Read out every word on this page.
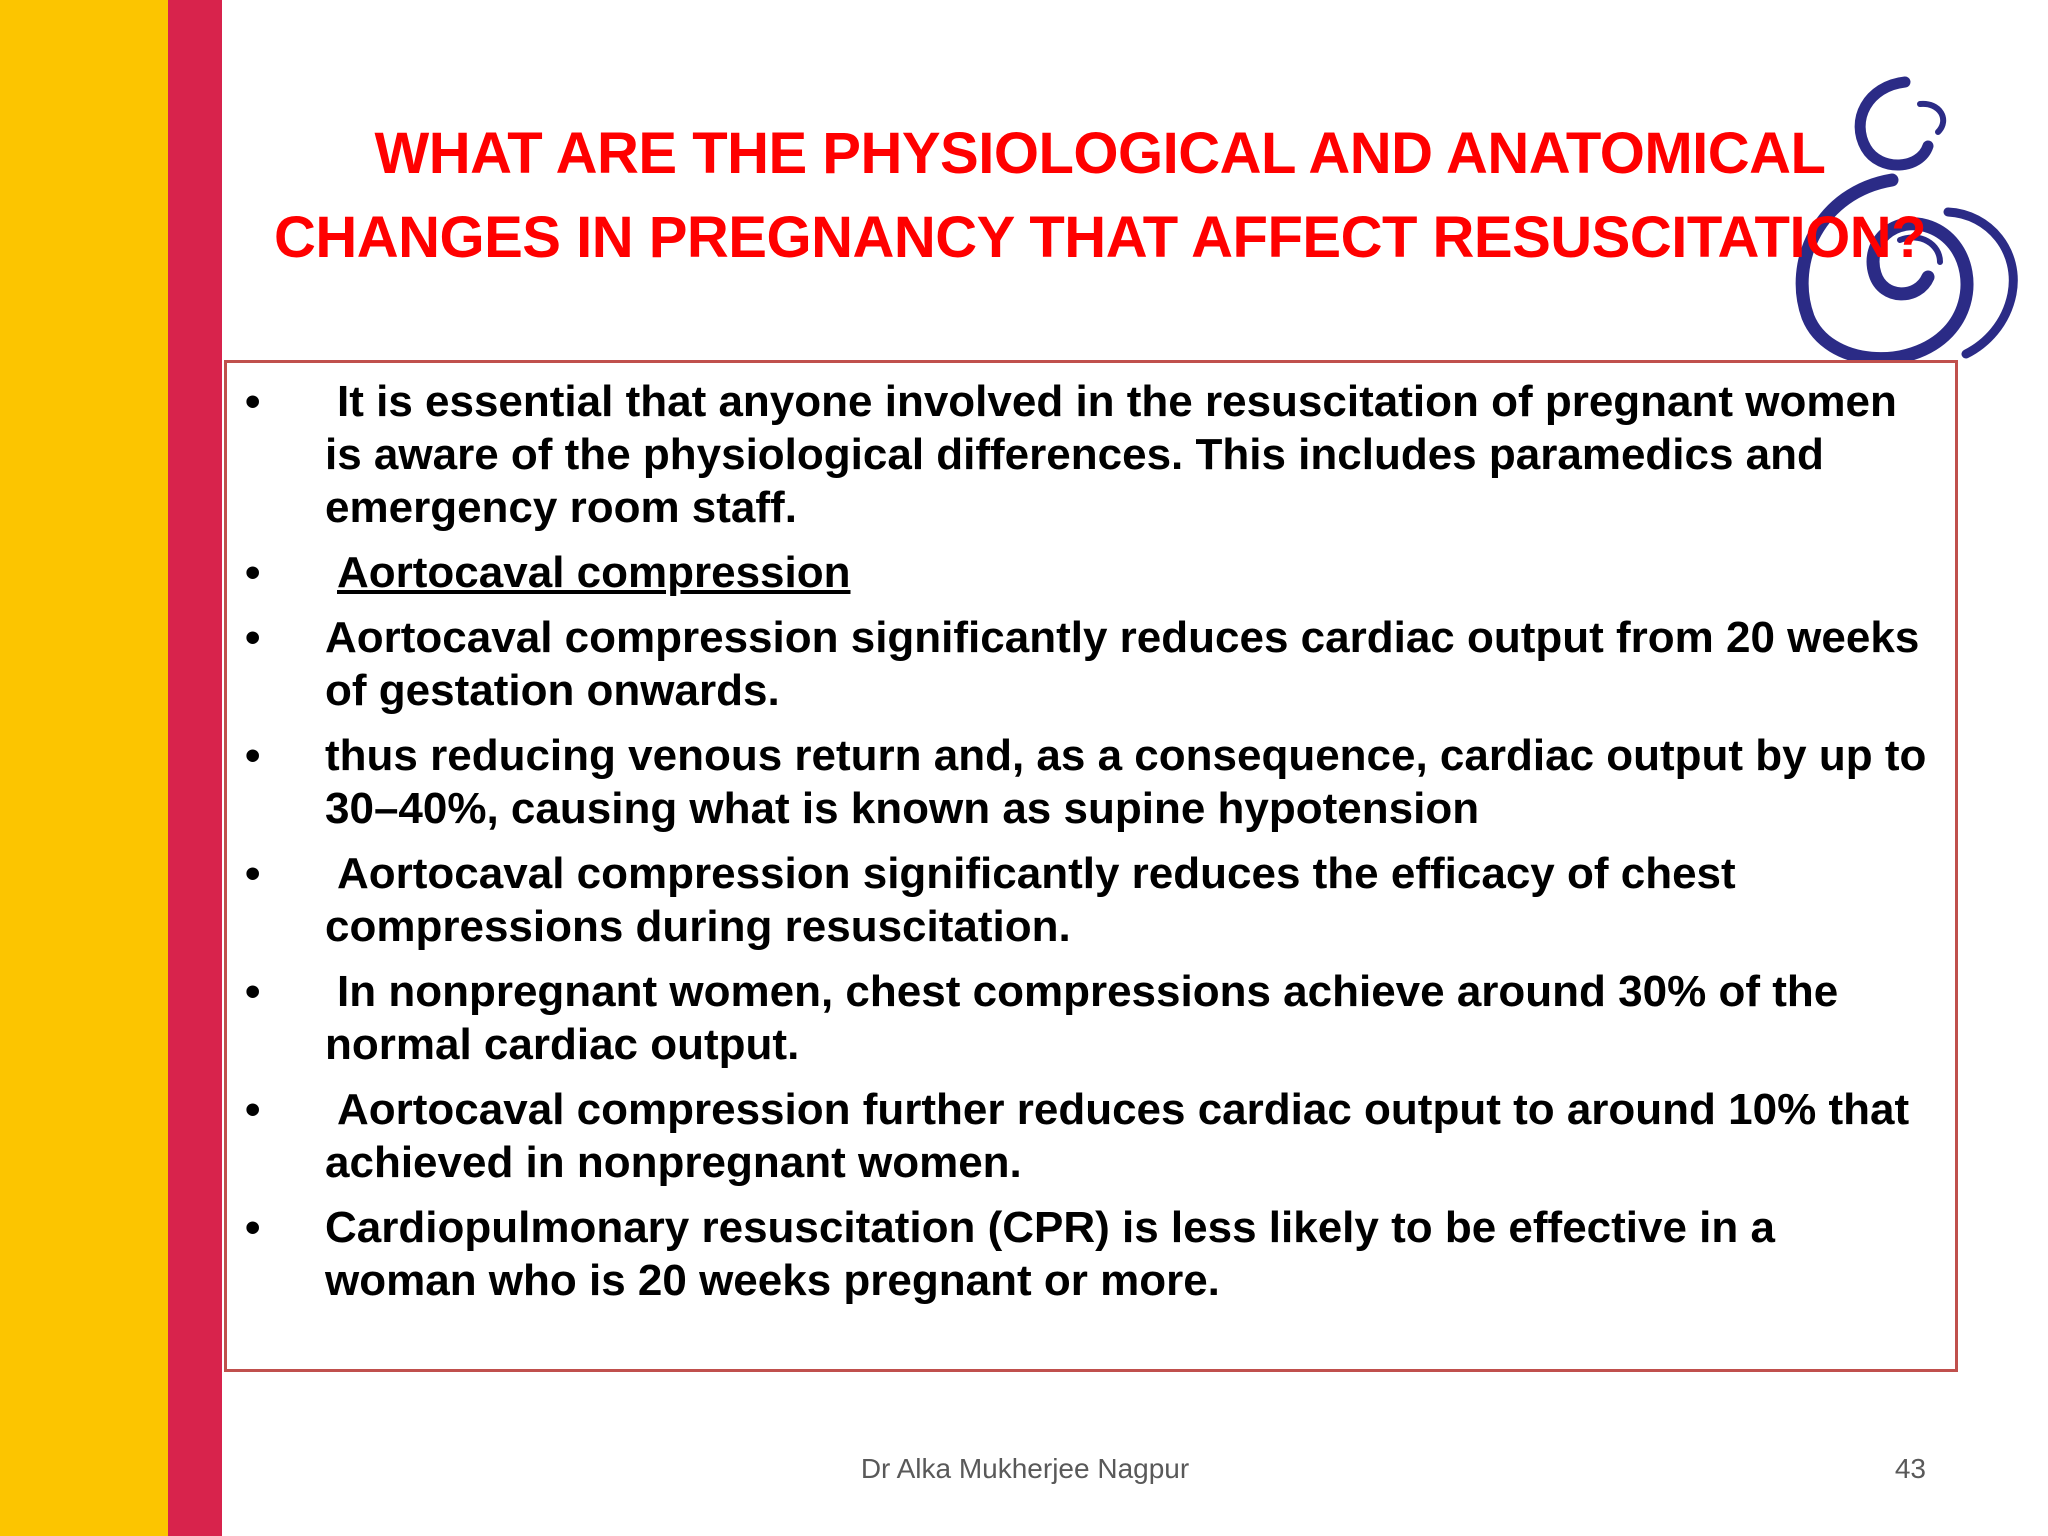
WHAT ARE THE PHYSIOLOGICAL AND ANATOMICAL
CHANGES IN PREGNANCY THAT AFFECT RESUSCITATION?
• It is essential that anyone involved in the resuscitation of pregnant women is aware of the physiological differences. This includes paramedics and emergency room staff.
• Aortocaval compression
• Aortocaval compression significantly reduces cardiac output from 20 weeks of gestation onwards.
• thus reducing venous return and, as a consequence, cardiac output by up to 30–40%, causing what is known as supine hypotension
• Aortocaval compression significantly reduces the efficacy of chest compressions during resuscitation.
• In nonpregnant women, chest compressions achieve around 30% of the normal cardiac output.
• Aortocaval compression further reduces cardiac output to around 10% that achieved in nonpregnant women.
• Cardiopulmonary resuscitation (CPR) is less likely to be effective in a woman who is 20 weeks pregnant or more.
Dr Alka Mukherjee Nagpur	43
